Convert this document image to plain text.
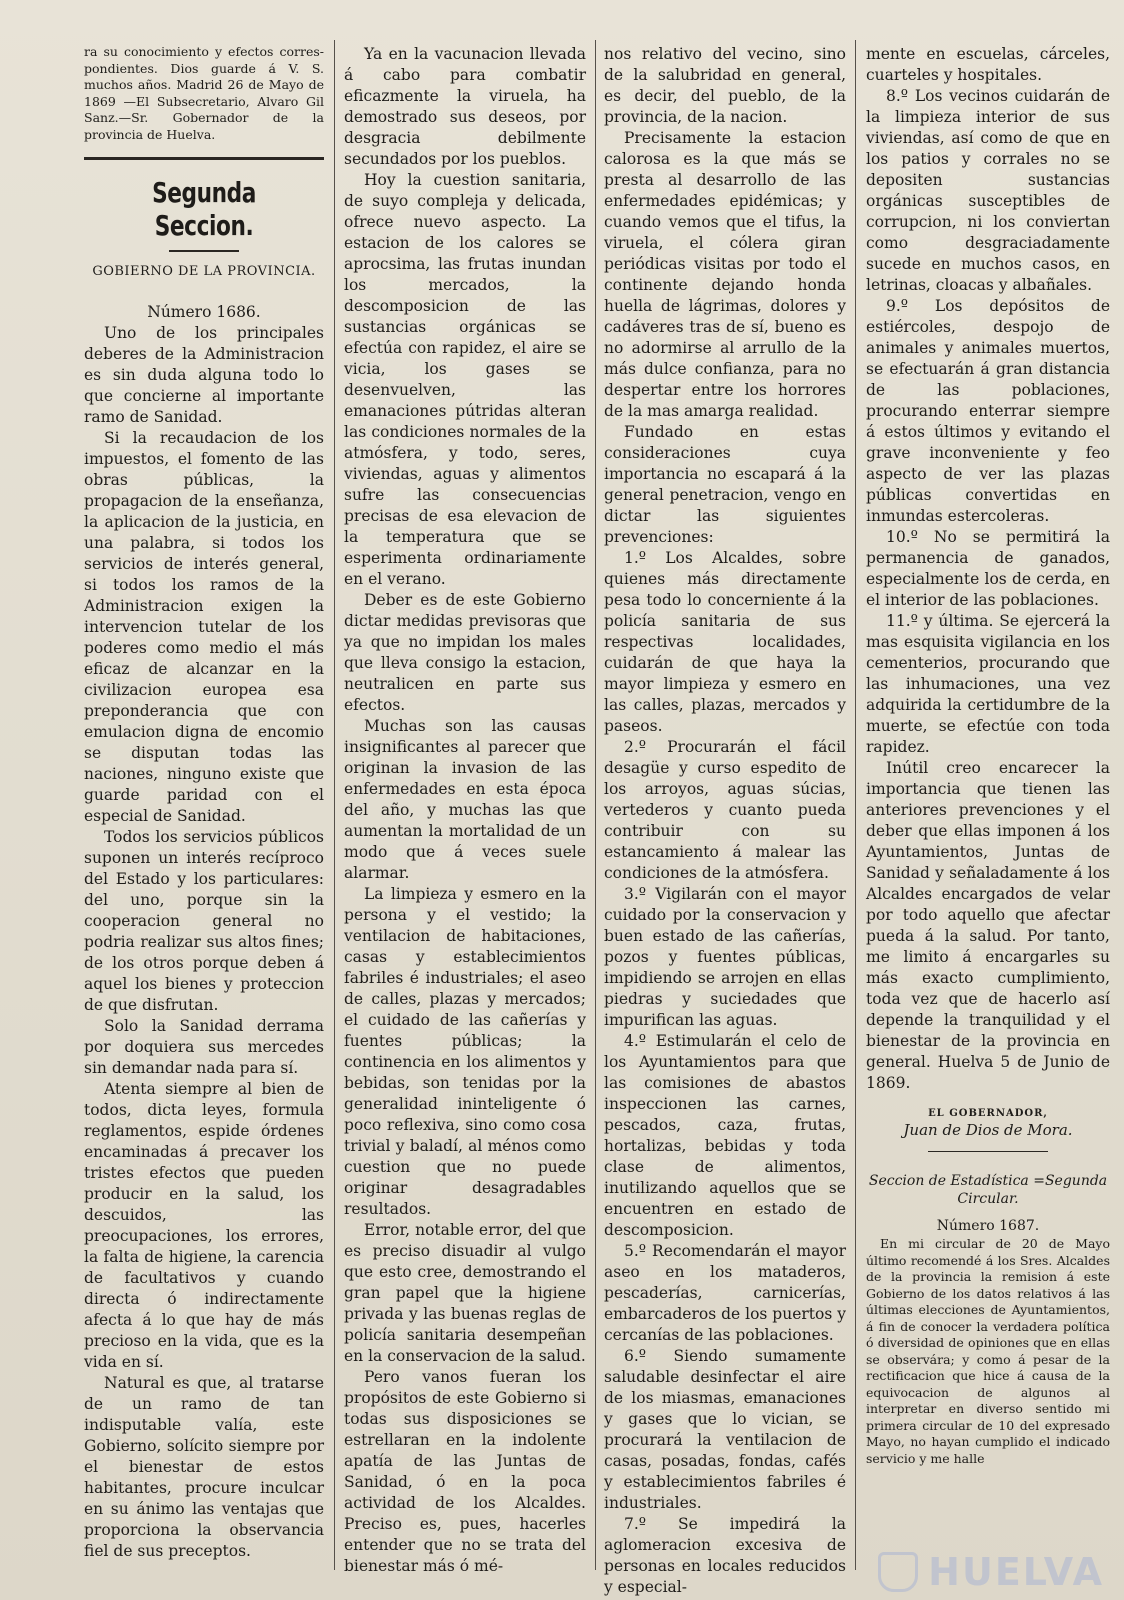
ra su conocimiento y efectos corres-pondientes. Dios guarde á V. S. muchos años. Madrid 26 de Mayo de 1869 —El Subsecretario, Alvaro Gil Sanz.—Sr. Gobernador de la provincia de Huelva.
Segunda Seccion.
GOBIERNO DE LA PROVINCIA.
Número 1686.

Uno de los principales deberes de la Administracion es sin duda alguna todo lo que concierne al importante ramo de Sanidad.

Si la recaudacion de los impuestos, el fomento de las obras públicas, la propagacion de la enseñanza, la aplicacion de la justicia, en una palabra, si todos los servicios de interés general, si todos los ramos de la Administracion exigen la intervencion tutelar de los poderes como medio el más eficaz de alcanzar en la civilizacion europea esa preponderancia que con emulacion digna de encomio se disputan todas las naciones, ninguno existe que guarde paridad con el especial de Sanidad.

Todos los servicios públicos suponen un interés recíproco del Estado y los particulares: del uno, porque sin la cooperacion general no podria realizar sus altos fines; de los otros porque deben á aquel los bienes y proteccion de que disfrutan.

Solo la Sanidad derrama por doquiera sus mercedes sin demandar nada para sí.

Atenta siempre al bien de todos, dicta leyes, formula reglamentos, espide órdenes encaminadas á precaver los tristes efectos que pueden producir en la salud, los descuidos, las preocupaciones, los errores, la falta de higiene, la carencia de facultativos y cuando directa ó indirectamente afecta á lo que hay de más precioso en la vida, que es la vida en sí.

Natural es que, al tratarse de un ramo de tan indisputable valía, este Gobierno, solícito siempre por el bienestar de estos habitantes, procure inculcar en su ánimo las ventajas que proporciona la observancia fiel de sus preceptos.

Ya en la vacunacion llevada á cabo para combatir eficazmente la viruela, ha demostrado sus deseos, por desgracia debilmente secundados por los pueblos.

Hoy la cuestion sanitaria, de suyo compleja y delicada, ofrece nuevo aspecto. La estacion de los calores se aprocsima, las frutas inundan los mercados, la descomposicion de las sustancias orgánicas se efectúa con rapidez, el aire se vicia, los gases se desenvuelven, las emanaciones pútridas alteran las condiciones normales de la atmósfera, y todo, seres, viviendas, aguas y alimentos sufre las consecuencias precisas de esa elevacion de la temperatura que se esperimenta ordinariamente en el verano.

Deber es de este Gobierno dictar medidas previsoras que ya que no impidan los males que lleva consigo la estacion, neutralicen en parte sus efectos.

Muchas son las causas insignificantes al parecer que originan la invasion de las enfermedades en esta época del año, y muchas las que aumentan la mortalidad de un modo que á veces suele alarmar.

La limpieza y esmero en la persona y el vestido; la ventilacion de habitaciones, casas y establecimientos fabriles é industriales; el aseo de calles, plazas y mercados; el cuidado de las cañerías y fuentes públicas; la continencia en los alimentos y bebidas, son tenidas por la generalidad ininteligente ó poco reflexiva, sino como cosa trivial y baladí, al ménos como cuestion que no puede originar desagradables resultados.

Error, notable error, del que es preciso disuadir al vulgo que esto cree, demostrando el gran papel que la higiene privada y las buenas reglas de policía sanitaria desempeñan en la conservacion de la salud.

Pero vanos fueran los propósitos de este Gobierno si todas sus disposiciones se estrellaran en la indolente apatía de las Juntas de Sanidad, ó en la poca actividad de los Alcaldes. Preciso es, pues, hacerles entender que no se trata del bienestar más ó mé-

nos relativo del vecino, sino de la salubridad en general, es decir, del pueblo, de la provincia, de la nacion.

Precisamente la estacion calorosa es la que más se presta al desarrollo de las enfermedades epidémicas; y cuando vemos que el tifus, la viruela, el cólera giran periódicas visitas por todo el continente dejando honda huella de lágrimas, dolores y cadáveres tras de sí, bueno es no adormirse al arrullo de la más dulce confianza, para no despertar entre los horrores de la mas amarga realidad.

Fundado en estas consideraciones cuya importancia no escapará á la general penetracion, vengo en dictar las siguientes prevenciones:

1.º Los Alcaldes, sobre quienes más directamente pesa todo lo concerniente á la policía sanitaria de sus respectivas localidades, cuidarán de que haya la mayor limpieza y esmero en las calles, plazas, mercados y paseos.

2.º Procurarán el fácil desagüe y curso espedito de los arroyos, aguas súcias, vertederos y cuanto pueda contribuir con su estancamiento á malear las condiciones de la atmósfera.

3.º Vigilarán con el mayor cuidado por la conservacion y buen estado de las cañerías, pozos y fuentes públicas, impidiendo se arrojen en ellas piedras y suciedades que impurifican las aguas.

4.º Estimularán el celo de los Ayuntamientos para que las comisiones de abastos inspeccionen las carnes, pescados, caza, frutas, hortalizas, bebidas y toda clase de alimentos, inutilizando aquellos que se encuentren en estado de descomposicion.

5.º Recomendarán el mayor aseo en los mataderos, pescaderías, carnicerías, embarcaderos de los puertos y cercanías de las poblaciones.

6.º Siendo sumamente saludable desinfectar el aire de los miasmas, emanaciones y gases que lo vician, se procurará la ventilacion de casas, posadas, fondas, cafés y establecimientos fabriles é industriales.

7.º Se impedirá la aglomeracion excesiva de personas en locales reducidos y especial-

mente en escuelas, cárceles, cuarteles y hospitales.

8.º Los vecinos cuidarán de la limpieza interior de sus viviendas, así como de que en los patios y corrales no se depositen sustancias orgánicas susceptibles de corrupcion, ni los conviertan como desgraciadamente sucede en muchos casos, en letrinas, cloacas y albañales.

9.º Los depósitos de estiércoles, despojo de animales y animales muertos, se efectuarán á gran distancia de las poblaciones, procurando enterrar siempre á estos últimos y evitando el grave inconveniente y feo aspecto de ver las plazas públicas convertidas en inmundas estercoleras.

10.º No se permitirá la permanencia de ganados, especialmente los de cerda, en el interior de las poblaciones.

11.º y última. Se ejercerá la mas esquisita vigilancia en los cementerios, procurando que las inhumaciones, una vez adquirida la certidumbre de la muerte, se efectúe con toda rapidez.

Inútil creo encarecer la importancia que tienen las anteriores prevenciones y el deber que ellas imponen á los Ayuntamientos, Juntas de Sanidad y señaladamente á los Alcaldes encargados de velar por todo aquello que afectar pueda á la salud. Por tanto, me limito á encargarles su más exacto cumplimiento, toda vez que de hacerlo así depende la tranquilidad y el bienestar de la provincia en general. Huelva 5 de Junio de 1869.

EL GOBERNADOR,
Juan de Dios de Mora.
Seccion de Estadística =Segunda Circular.
Número 1687.

En mi circular de 20 de Mayo último recomendé á los Sres. Alcaldes de la provincia la remision á este Gobierno de los datos relativos á las últimas elecciones de Ayuntamientos, á fin de conocer la verdadera política ó diversidad de opiniones que en ellas se observára; y como á pesar de la rectificacion que hice á causa de la equivocacion de algunos al interpretar en diverso sentido mi primera circular de 10 del expresado Mayo, no hayan cumplido el indicado servicio y me halle

HUELVA
